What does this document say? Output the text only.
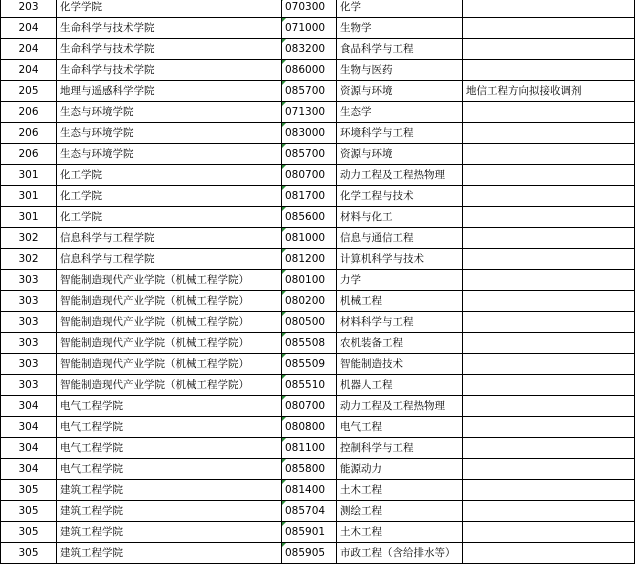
203	化学学院	070300	化学	
204	生命科学与技术学院	071000	生物学	
204	生命科学与技术学院	083200	食品科学与工程	
204	生命科学与技术学院	086000	生物与医药	
205	地理与遥感科学学院	085700	资源与环境	地信工程方向拟接收调剂
206	生态与环境学院	071300	生态学	
206	生态与环境学院	083000	环境科学与工程	
206	生态与环境学院	085700	资源与环境	
301	化工学院	080700	动力工程及工程热物理	
301	化工学院	081700	化学工程与技术	
301	化工学院	085600	材料与化工	
302	信息科学与工程学院	081000	信息与通信工程	
302	信息科学与工程学院	081200	计算机科学与技术	
303	智能制造现代产业学院（机械工程学院）	080100	力学	
303	智能制造现代产业学院（机械工程学院）	080200	机械工程	
303	智能制造现代产业学院（机械工程学院）	080500	材料科学与工程	
303	智能制造现代产业学院（机械工程学院）	085508	农机装备工程	
303	智能制造现代产业学院（机械工程学院）	085509	智能制造技术	
303	智能制造现代产业学院（机械工程学院）	085510	机器人工程	
304	电气工程学院	080700	动力工程及工程热物理	
304	电气工程学院	080800	电气工程	
304	电气工程学院	081100	控制科学与工程	
304	电气工程学院	085800	能源动力	
305	建筑工程学院	081400	土木工程	
305	建筑工程学院	085704	测绘工程	
305	建筑工程学院	085901	土木工程	
305	建筑工程学院	085905	市政工程（含给排水等）	
